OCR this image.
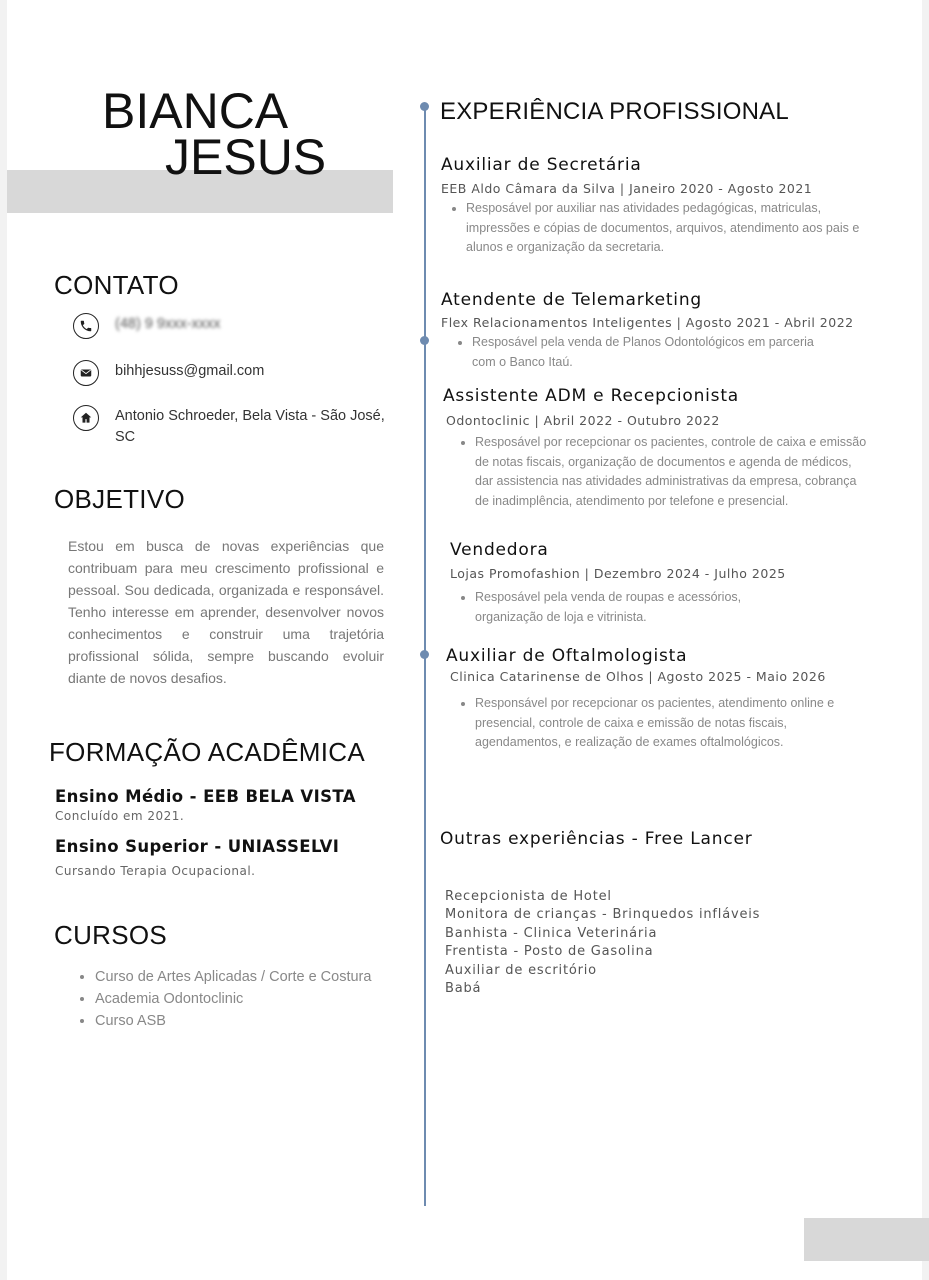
BIANCA
JESUS
CONTATO
(48) 9 9xxx-xxxx
bihhjesuss@gmail.com
Antonio Schroeder, Bela Vista - São José, SC
OBJETIVO
Estou em busca de novas experiências que contribuam para meu crescimento profissional e pessoal. Sou dedicada, organizada e responsável. Tenho interesse em aprender, desenvolver novos conhecimentos e construir uma trajetória profissional sólida, sempre buscando evoluir diante de novos desafios.
FORMAÇÃO ACADÊMICA
Ensino Médio - EEB BELA VISTA
Concluído em 2021.
Ensino Superior - UNIASSELVI
Cursando Terapia Ocupacional.
CURSOS
• Curso de Artes Aplicadas / Corte e Costura
• Academia Odontoclinic
• Curso ASB
EXPERIÊNCIA PROFISSIONAL
Auxiliar de Secretária
EEB Aldo Câmara da Silva | Janeiro 2020 - Agosto 2021
• Resposável por auxiliar nas atividades pedagógicas, matriculas, impressões e cópias de documentos, arquivos, atendimento aos pais e alunos e organização da secretaria.
Atendente de Telemarketing
Flex Relacionamentos Inteligentes | Agosto 2021 - Abril 2022
• Resposável pela venda de Planos Odontológicos em parceria com o Banco Itaú.
Assistente ADM e Recepcionista
Odontoclinic | Abril 2022 - Outubro 2022
• Resposável por recepcionar os pacientes, controle de caixa e emissão de notas fiscais, organização de documentos e agenda de médicos, dar assistencia nas atividades administrativas da empresa, cobrança de inadimplência, atendimento por telefone e presencial.
Vendedora
Lojas Promofashion | Dezembro 2024 - Julho 2025
• Resposável pela venda de roupas e acessórios, organização de loja e vitrinista.
Auxiliar de Oftalmologista
Clinica Catarinense de Olhos | Agosto 2025 - Maio 2026
• Responsável por recepcionar os pacientes, atendimento online e presencial, controle de caixa e emissão de notas fiscais, agendamentos, e realização de exames oftalmológicos.
Outras experiências - Free Lancer
Recepcionista de Hotel
Monitora de crianças - Brinquedos infláveis
Banhista - Clinica Veterinária
Frentista - Posto de Gasolina
Auxiliar de escritório
Babá
